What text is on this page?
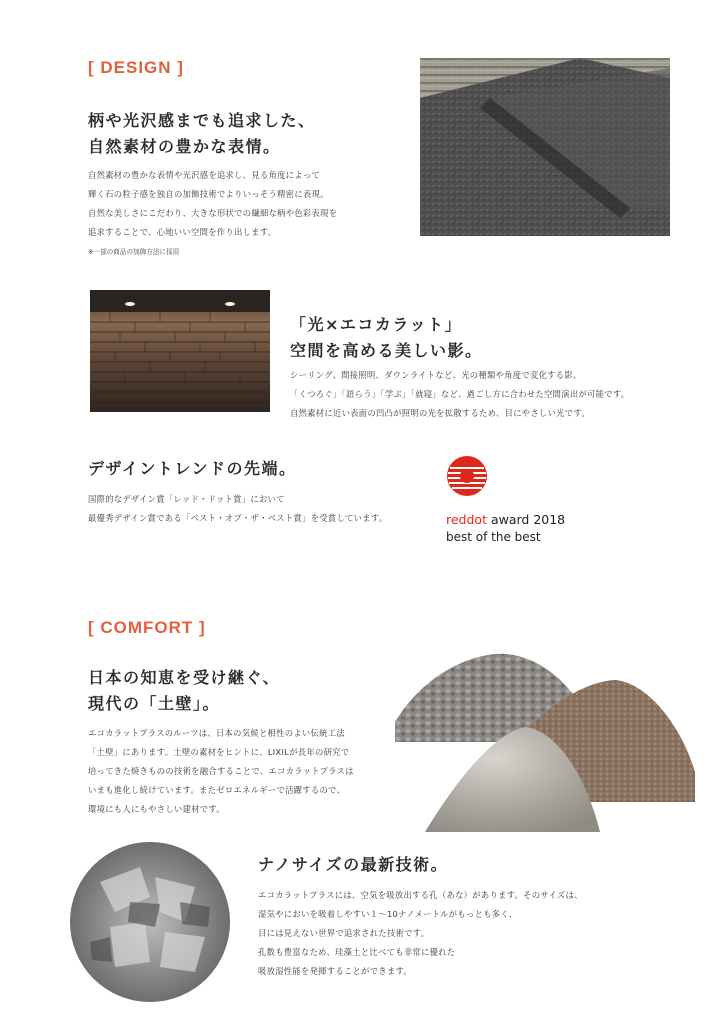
[ DESIGN ]
柄や光沢感までも追求した、
自然素材の豊かな表情。
自然素材の豊かな表情や光沢感を追求し、見る角度によって
輝く石の粒子感を独自の加飾技術でよりいっそう精密に表現。
自然な美しさにこだわり、大きな形状での繊細な柄や色彩表現を
追求することで、心地いい空間を作り出します。
※一部の商品の加飾方法に採用
「光×エコカラット」
空間を高める美しい影。
シーリング、間接照明、ダウンライトなど、光の種類や角度で変化する影。
「くつろぐ」「語らう」「学ぶ」「就寝」など、過ごし方に合わせた空間演出が可能です。
自然素材に近い表面の凹凸が照明の光を拡散するため、目にやさしい光です。
デザイントレンドの先端。
国際的なデザイン賞「レッド・ドット賞」において
最優秀デザイン賞である「ベスト・オブ・ザ・ベスト賞」を受賞しています。	reddot award 2018
best of the best
[ COMFORT ]
日本の知恵を受け継ぐ、
現代の「土壁」。
エコカラットプラスのルーツは、日本の気候と相性のよい伝統工法
「土壁」にあります。土壁の素材をヒントに、LIXILが長年の研究で
培ってきた焼きものの技術を融合することで、エコカラットプラスは
いまも進化し続けています。またゼロエネルギーで活躍するので、
環境にも人にもやさしい建材です。
ナノサイズの最新技術。
エコカラットプラスには、空気を吸放出する孔（あな）があります。そのサイズは、
湿気やにおいを吸着しやすい１～10ナノメートルがもっとも多く、
目には見えない世界で追求された技術です。
孔数も豊富なため、珪藻土と比べても非常に優れた
吸放湿性能を発揮することができます。
